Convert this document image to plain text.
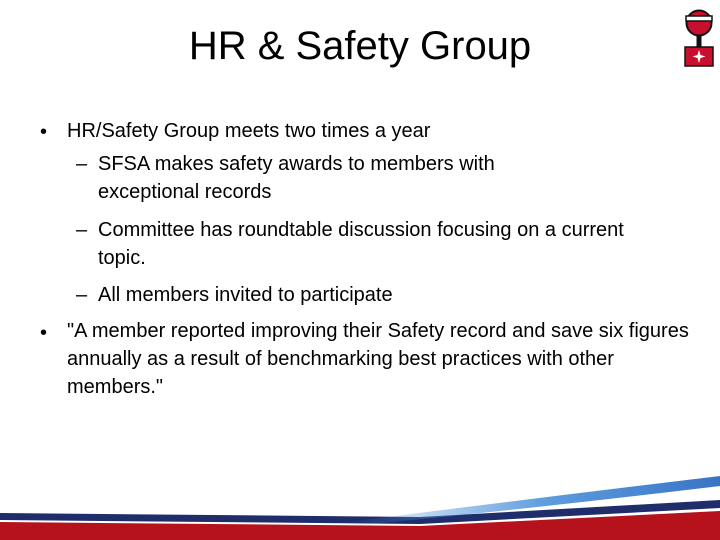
HR & Safety Group
• HR/Safety Group meets two times a year

– SFSA makes safety awards to members with exceptional records

– Committee has roundtable discussion focusing on a current topic.

– All members invited to participate

• "A member reported improving their Safety record and save six figures annually as a result of benchmarking best practices with other members."
